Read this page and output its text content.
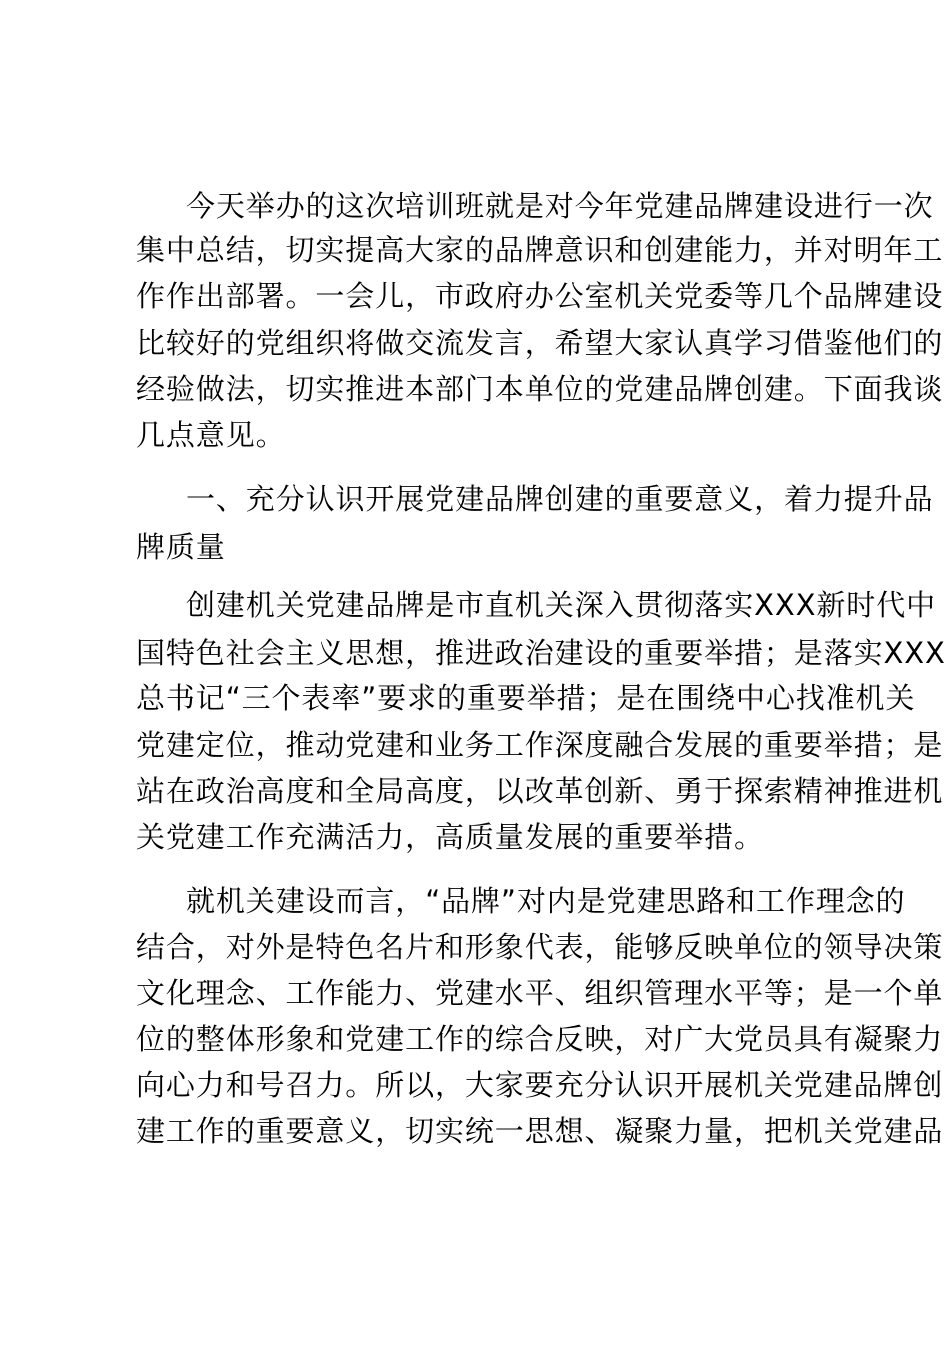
今天举办的这次培训班就是对今年党建品牌建设进行一次
集中总结，切实提高大家的品牌意识和创建能力，并对明年工
作作出部署。一会儿，市政府办公室机关党委等几个品牌建设
比较好的党组织将做交流发言，希望大家认真学习借鉴他们的
经验做法，切实推进本部门本单位的党建品牌创建。下面我谈
几点意见。
一、充分认识开展党建品牌创建的重要意义，着力提升品
牌质量
创建机关党建品牌是市直机关深入贯彻落实XXX新时代中
国特色社会主义思想，推进政治建设的重要举措；是落实XXX
总书记“三个表率”要求的重要举措；是在围绕中心找准机关
党建定位，推动党建和业务工作深度融合发展的重要举措；是
站在政治高度和全局高度，以改革创新、勇于探索精神推进机
关党建工作充满活力，高质量发展的重要举措。
就机关建设而言，“品牌”对内是党建思路和工作理念的
结合，对外是特色名片和形象代表，能够反映单位的领导决策
文化理念、工作能力、党建水平、组织管理水平等；是一个单
位的整体形象和党建工作的综合反映，对广大党员具有凝聚力
向心力和号召力。所以，大家要充分认识开展机关党建品牌创
建工作的重要意义，切实统一思想、凝聚力量，把机关党建品
